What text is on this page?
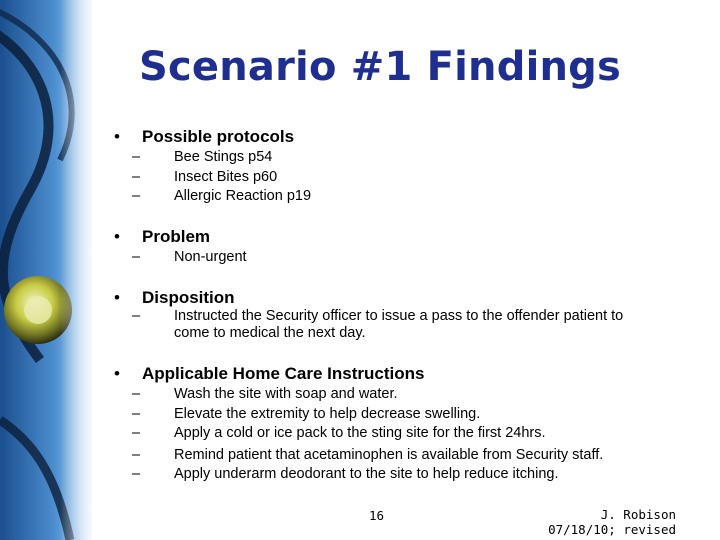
Scenario #1 Findings
• Possible protocols
– Bee Stings p54
– Insect Bites p60
– Allergic Reaction p19
• Problem
– Non-urgent
• Disposition
– Instructed the Security officer to issue a pass to the offender patient to come to medical the next day.
• Applicable Home Care Instructions
– Wash the site with soap and water.
– Elevate the extremity to help decrease swelling.
– Apply a cold or ice pack to the sting site for the first 24hrs.
– Remind patient that acetaminophen is available from Security staff.
– Apply underarm deodorant to the site to help reduce itching.
16	J. Robison
07/18/10; revised
